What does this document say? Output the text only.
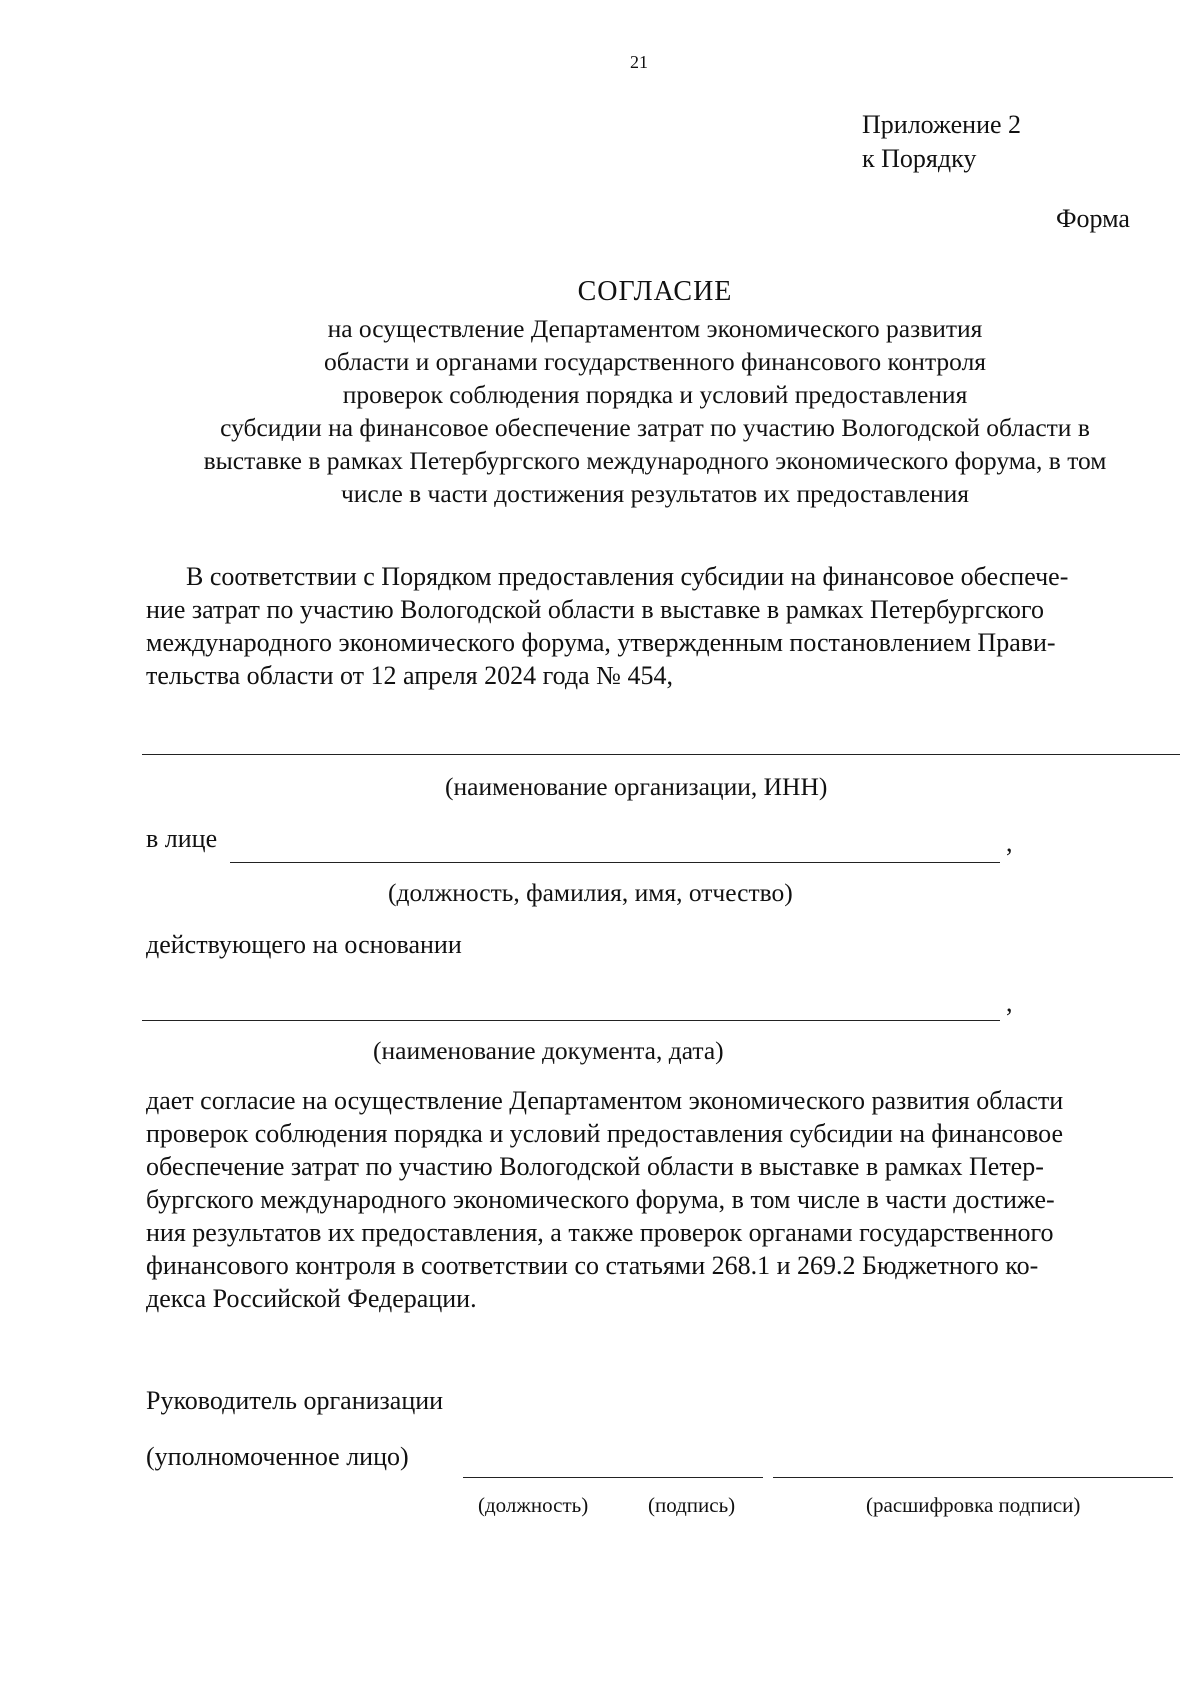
21
Приложение 2
к Порядку
Форма
СОГЛАСИЕ
на осуществление Департаментом экономического развития
области и органами государственного финансового контроля
проверок соблюдения порядка и условий предоставления
субсидии на финансовое обеспечение затрат по участию Вологодской области в
выставке в рамках Петербургского международного экономического форума, в том
числе в части достижения результатов их предоставления
В соответствии с Порядком предоставления субсидии на финансовое обеспече-
ние затрат по участию Вологодской области в выставке в рамках Петербургского
международного экономического форума, утвержденным постановлением Прави-
тельства области от 12 апреля 2024 года № 454,
(наименование организации, ИНН)
в лице	,
(должность, фамилия, имя, отчество)
действующего на основании
,
(наименование документа, дата)
дает согласие на осуществление Департаментом экономического развития области
проверок соблюдения порядка и условий предоставления субсидии на финансовое
обеспечение затрат по участию Вологодской области в выставке в рамках Петер-
бургского международного экономического форума, в том числе в части достиже-
ния результатов их предоставления, а также проверок органами государственного
финансового контроля в соответствии со статьями 268.1 и 269.2 Бюджетного ко-
декса Российской Федерации.
Руководитель организации
(уполномоченное лицо)
(должность)	(подпись)	(расшифровка подписи)
